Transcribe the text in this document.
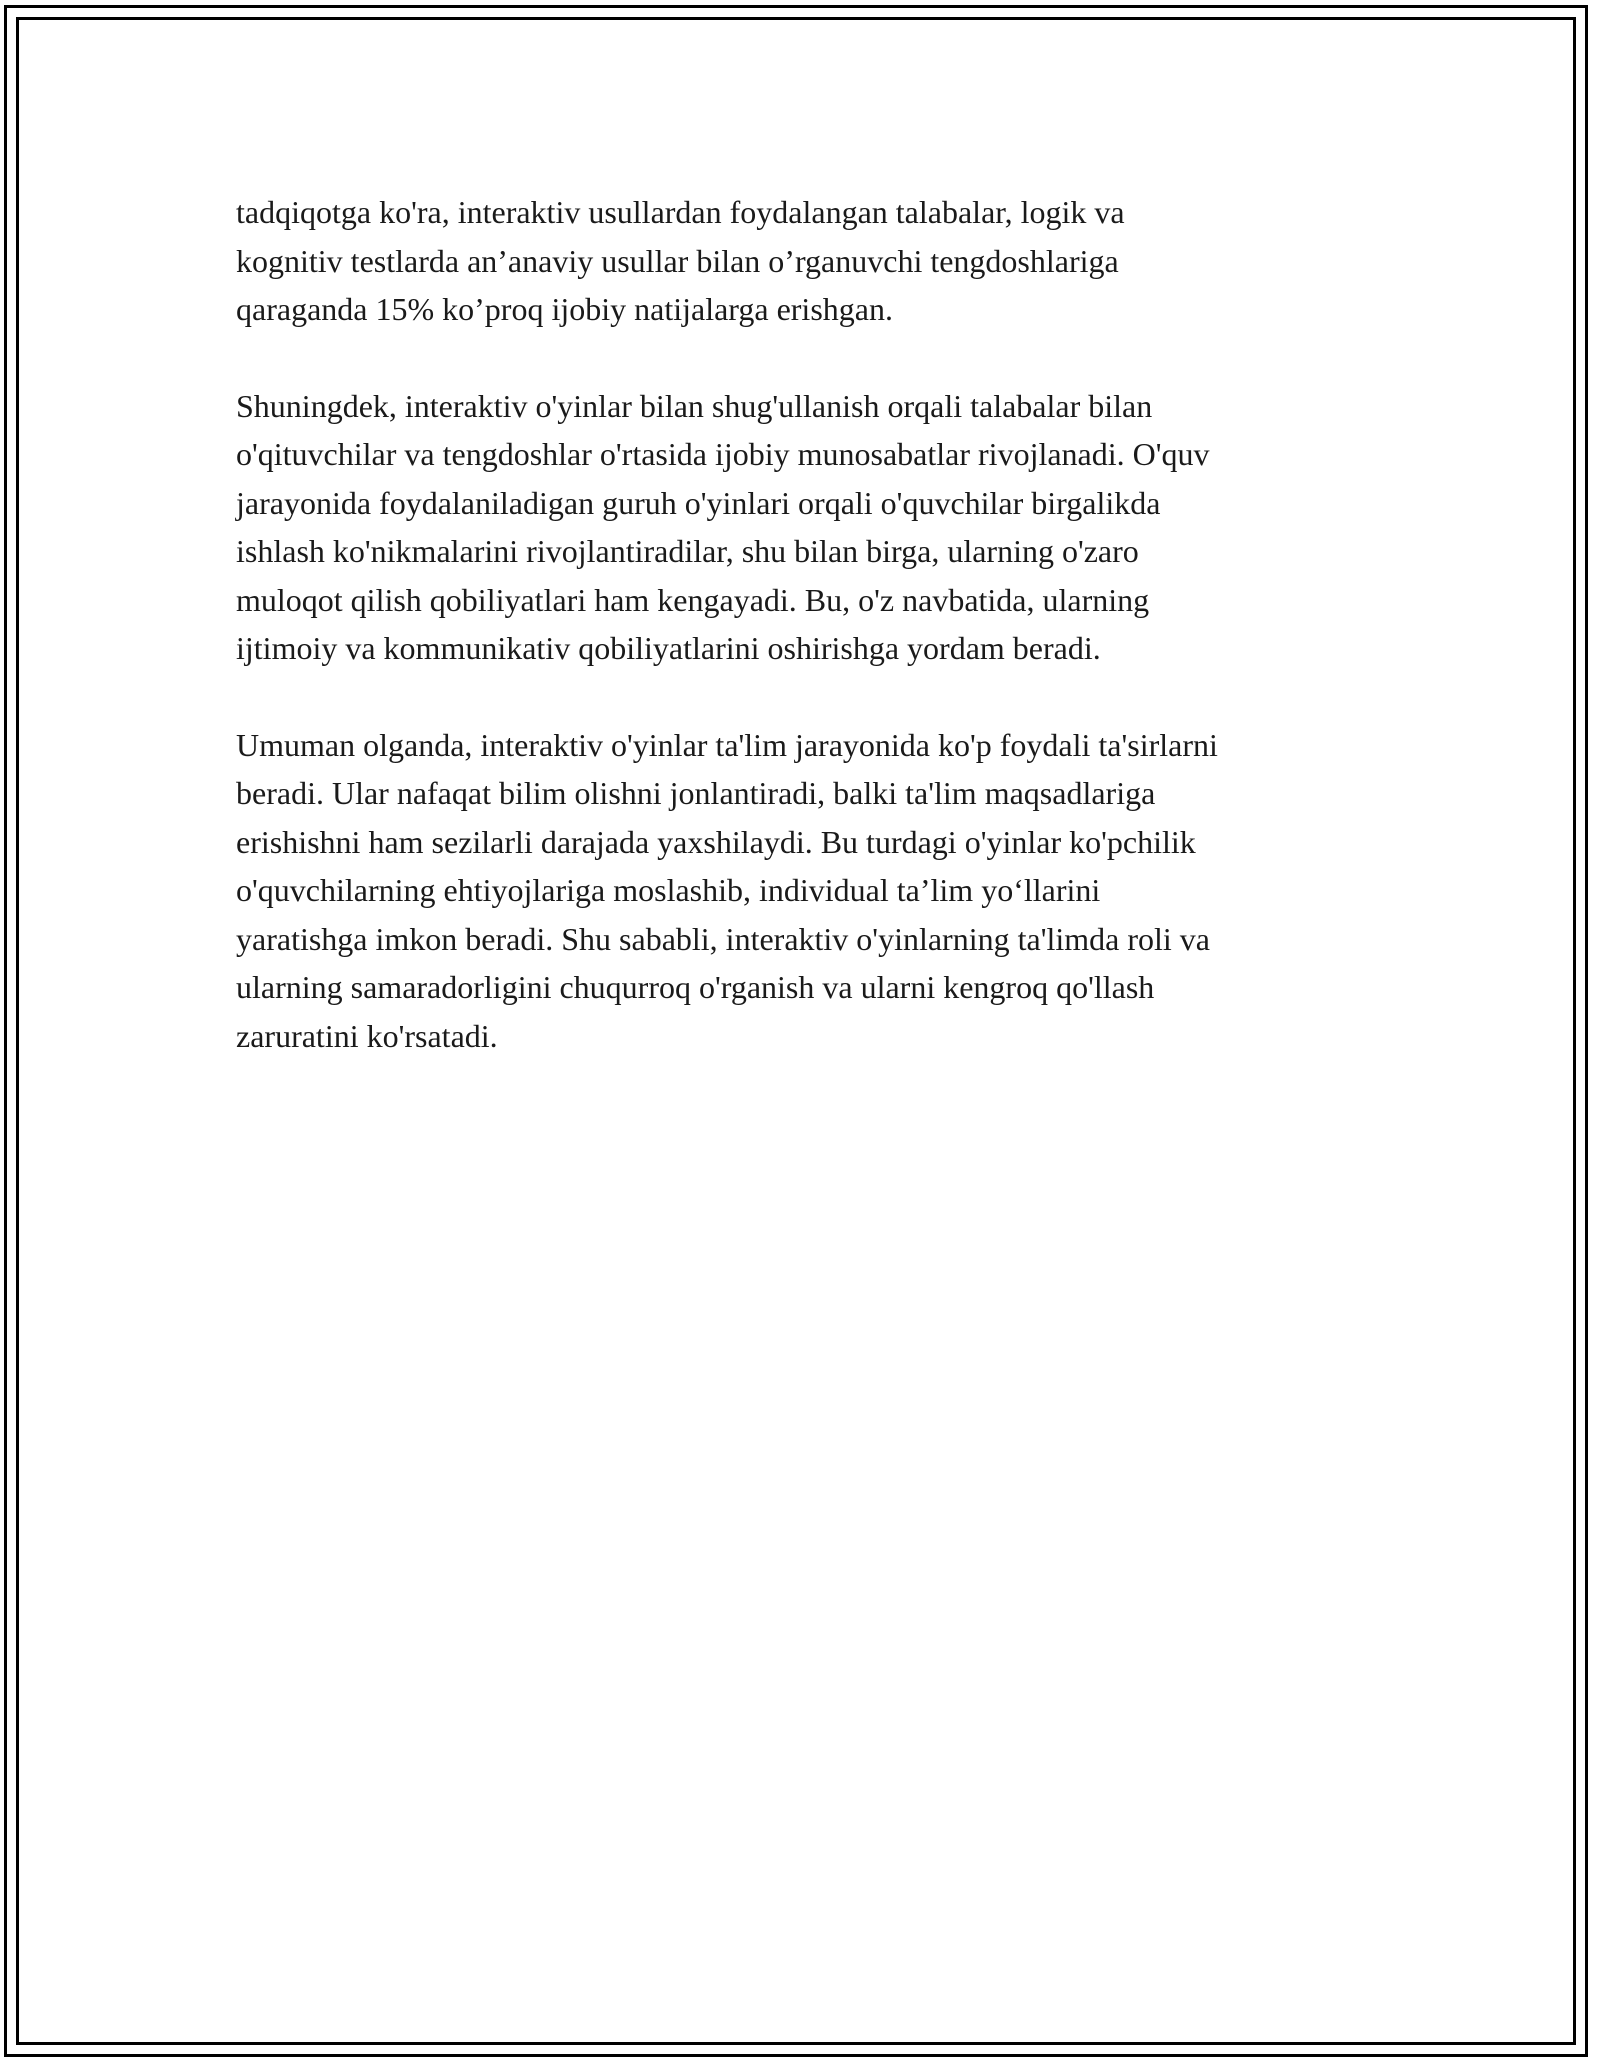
tadqiqotga ko'ra, interaktiv usullardan foydalangan talabalar, logik va
kognitiv testlarda an’anaviy usullar bilan o’rganuvchi tengdoshlariga
qaraganda 15% ko’proq ijobiy natijalarga erishgan.

Shuningdek, interaktiv o'yinlar bilan shug'ullanish orqali talabalar bilan
o'qituvchilar va tengdoshlar o'rtasida ijobiy munosabatlar rivojlanadi. O'quv
jarayonida foydalaniladigan guruh o'yinlari orqali o'quvchilar birgalikda
ishlash ko'nikmalarini rivojlantiradilar, shu bilan birga, ularning o'zaro
muloqot qilish qobiliyatlari ham kengayadi. Bu, o'z navbatida, ularning
ijtimoiy va kommunikativ qobiliyatlarini oshirishga yordam beradi.

Umuman olganda, interaktiv o'yinlar ta'lim jarayonida ko'p foydali ta'sirlarni
beradi. Ular nafaqat bilim olishni jonlantiradi, balki ta'lim maqsadlariga
erishishni ham sezilarli darajada yaxshilaydi. Bu turdagi o'yinlar ko'pchilik
o'quvchilarning ehtiyojlariga moslashib, individual ta’lim yo‘llarini
yaratishga imkon beradi. Shu sababli, interaktiv o'yinlarning ta'limda roli va
ularning samaradorligini chuqurroq o'rganish va ularni kengroq qo'llash
zaruratini ko'rsatadi.
